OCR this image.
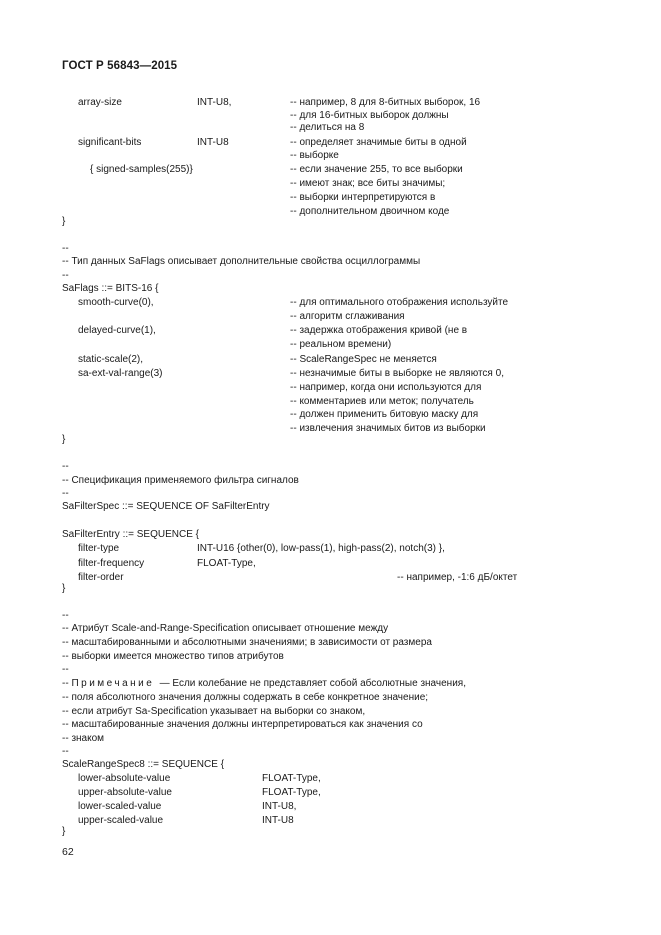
ГОСТ Р 56843—2015
array-size	INT-U8,	-- например, 8 для 8-битных выборок, 16
-- для 16-битных выборок должны
-- делиться на 8
significant-bits	INT-U8	-- определяет значимые биты в одной
-- выборке
{ signed-samples(255)}	-- если значение 255, то все выборки
-- имеют знак; все биты значимы;
-- выборки интерпретируются в
-- дополнительном двоичном коде
}
--
-- Тип данных SaFlags описывает дополнительные свойства осциллограммы
--
SaFlags ::= BITS-16 {
smooth-curve(0),	-- для оптимального отображения используйте
-- алгоритм сглаживания
delayed-curve(1),	-- задержка отображения кривой (не в
-- реальном времени)
static-scale(2),	-- ScaleRangeSpec не меняется
sa-ext-val-range(3)	-- незначимые биты в выборке не являются 0,
-- например, когда они используются для
-- комментариев или меток; получатель
-- должен применить битовую маску для
-- извлечения значимых битов из выборки
}
--
-- Спецификация применяемого фильтра сигналов
--
SaFilterSpec ::= SEQUENCE OF SaFilterEntry
SaFilterEntry ::= SEQUENCE {
filter-type	INT-U16 {other(0), low-pass(1), high-pass(2), notch(3) },
filter-frequency	FLOAT-Type,
filter-order	-- например, -1:6 дБ/октет
}
--
-- Атрибут Scale-and-Range-Specification описывает отношение между
-- масштабированными и абсолютными значениями; в зависимости от размера
-- выборки имеется множество типов атрибутов
--
-- Примечание — Если колебание не представляет собой абсолютные значения,
-- поля абсолютного значения должны содержать в себе конкретное значение;
-- если атрибут Sa-Specification указывает на выборки со знаком,
-- масштабированные значения должны интерпретироваться как значения со
-- знаком
--
ScaleRangeSpec8 ::= SEQUENCE {
lower-absolute-value	FLOAT-Type,
upper-absolute-value	FLOAT-Type,
lower-scaled-value	INT-U8,
upper-scaled-value	INT-U8
}
62
